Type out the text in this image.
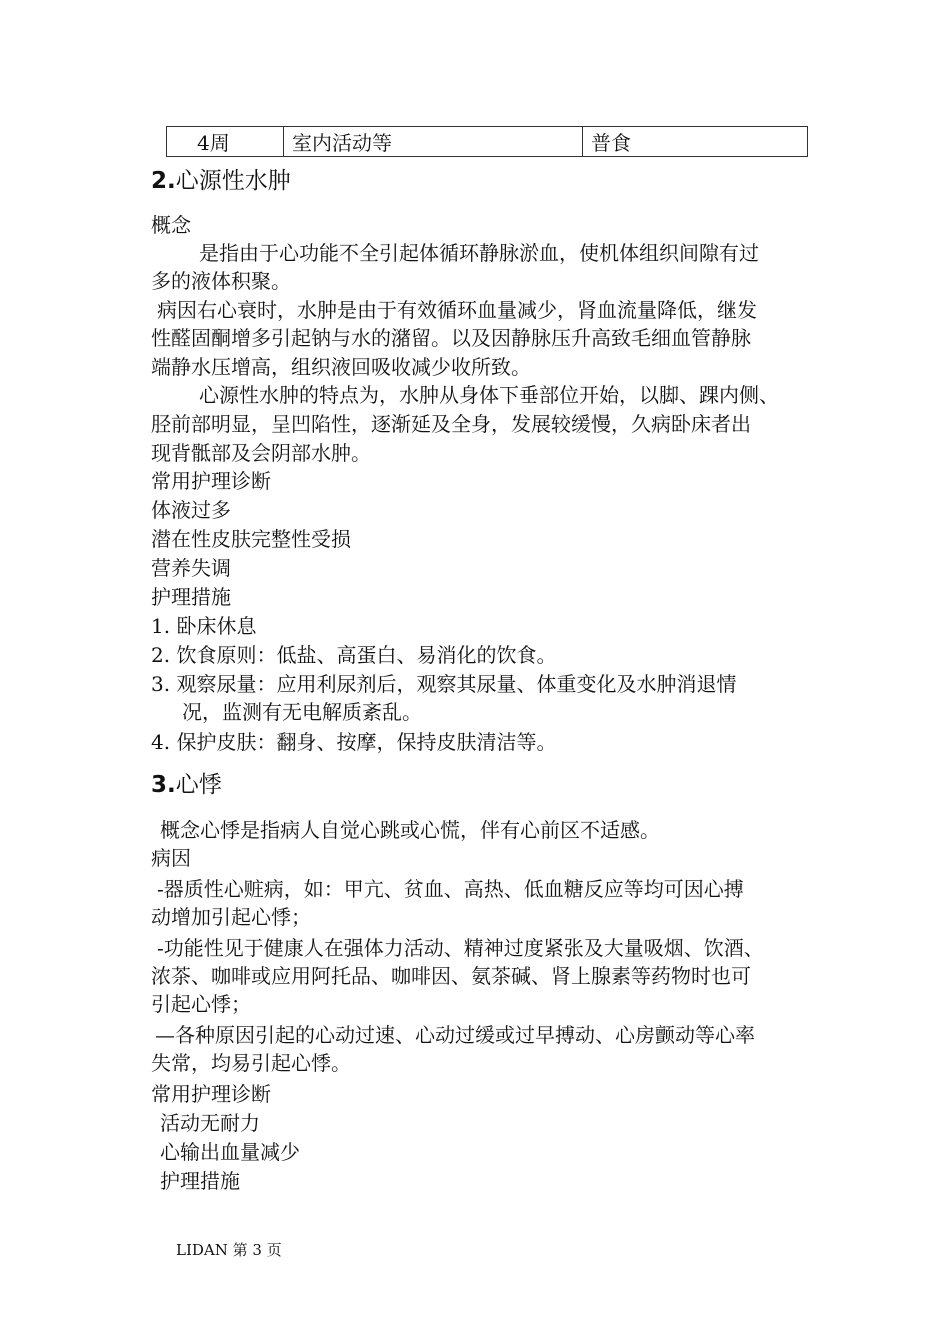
4周	室内活动等	普食
2.心源性水肿
概念
是指由于心功能不全引起体循环静脉淤血，使机体组织间隙有过
多的液体积聚。
病因右心衰时，水肿是由于有效循环血量减少，肾血流量降低，继发
性醛固酮增多引起钠与水的潴留。以及因静脉压升高致毛细血管静脉
端静水压增高，组织液回吸收减少收所致。
心源性水肿的特点为，水肿从身体下垂部位开始，以脚、踝内侧、
胫前部明显，呈凹陷性，逐渐延及全身，发展较缓慢，久病卧床者出
现背骶部及会阴部水肿。
常用护理诊断
体液过多
潜在性皮肤完整性受损
营养失调
护理措施
1. 卧床休息
2. 饮食原则：低盐、高蛋白、易消化的饮食。
3. 观察尿量：应用利尿剂后，观察其尿量、体重变化及水肿消退情
况，监测有无电解质紊乱。
4. 保护皮肤：翻身、按摩，保持皮肤清洁等。
3.心悸
概念心悸是指病人自觉心跳或心慌，伴有心前区不适感。
病因
-器质性心赃病，如：甲亢、贫血、高热、低血糖反应等均可因心搏
动增加引起心悸；
-功能性见于健康人在强体力活动、精神过度紧张及大量吸烟、饮酒、
浓茶、咖啡或应用阿托品、咖啡因、氨茶碱、肾上腺素等药物时也可
引起心悸；
—各种原因引起的心动过速、心动过缓或过早搏动、心房颤动等心率
失常，均易引起心悸。
常用护理诊断
活动无耐力
心输出血量减少
护理措施
LIDAN 第 3 页
